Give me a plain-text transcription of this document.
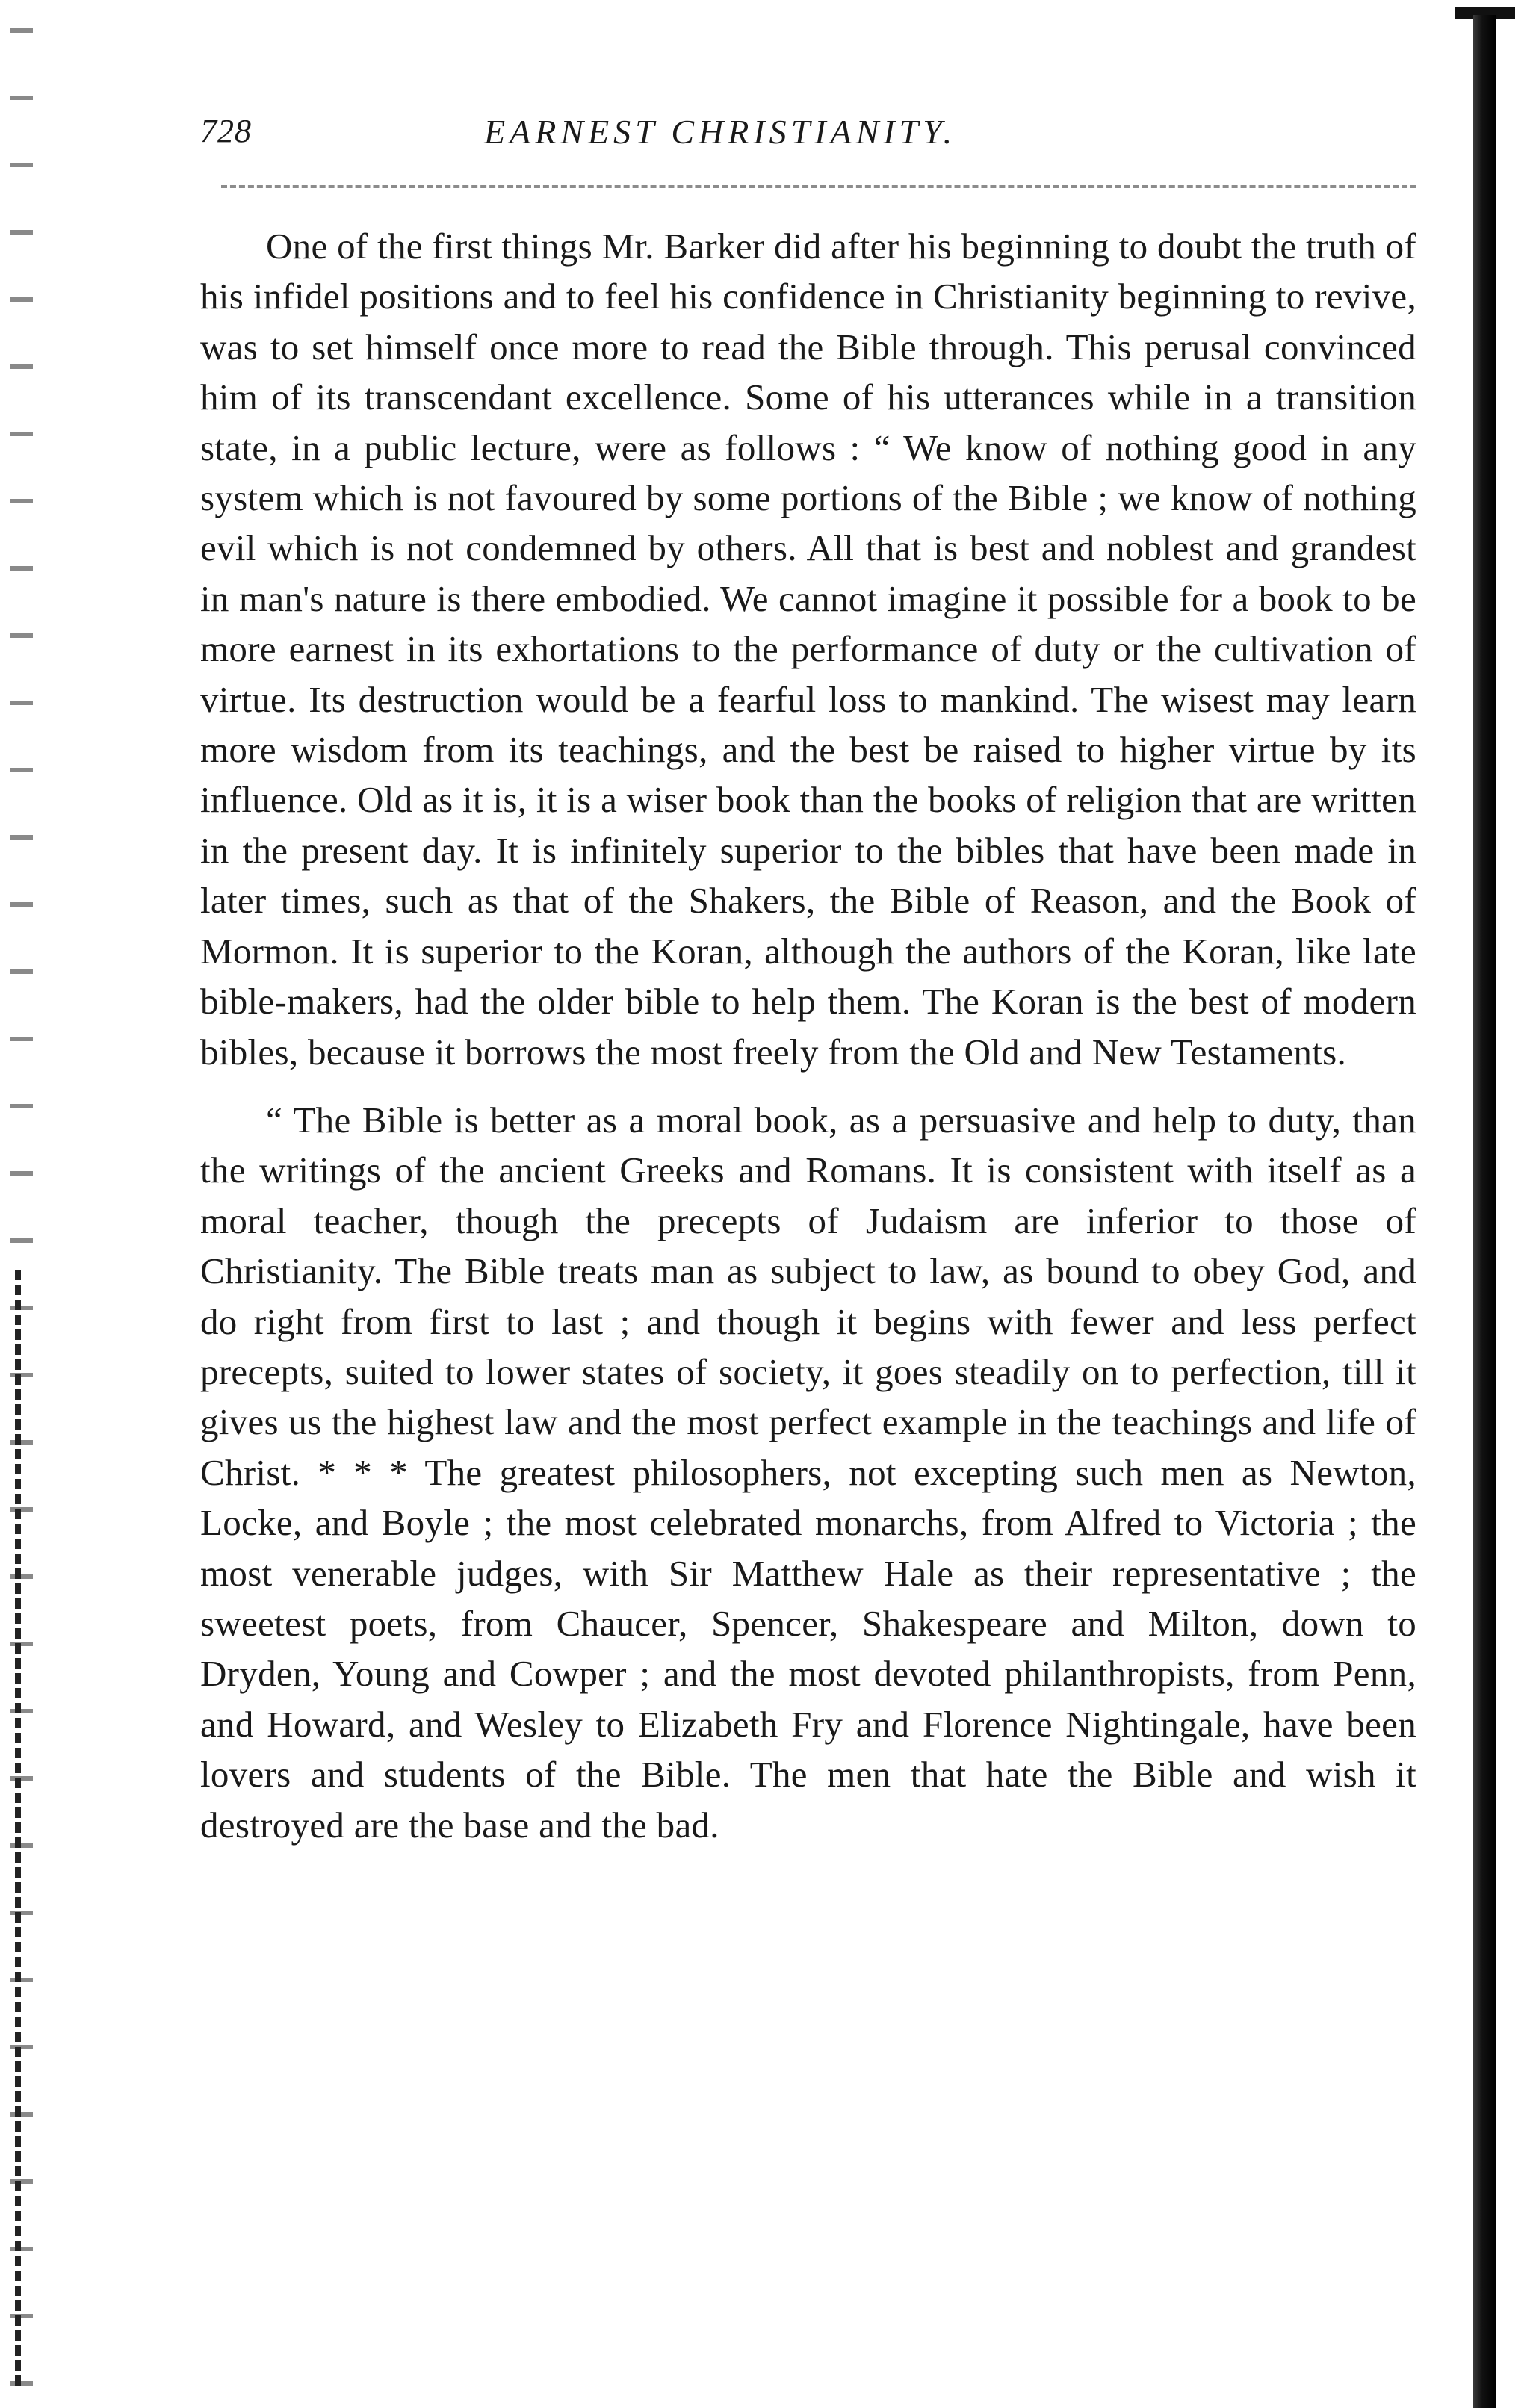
728	EARNEST CHRISTIANITY.

One of the first things Mr. Barker did after his beginning to doubt the truth of his infidel positions and to feel his confidence in Christianity beginning to revive, was to set himself once more to read the Bible through. This perusal convinced him of its transcendant excellence. Some of his utterances while in a transition state, in a public lecture, were as follows : “ We know of nothing good in any system which is not favoured by some portions of the Bible ; we know of nothing evil which is not condemned by others. All that is best and noblest and grandest in man's nature is there embodied. We cannot imagine it possible for a book to be more earnest in its exhortations to the performance of duty or the cultivation of virtue. Its destruction would be a fearful loss to mankind. The wisest may learn more wisdom from its teachings, and the best be raised to higher virtue by its influence. Old as it is, it is a wiser book than the books of religion that are written in the present day. It is infinitely superior to the bibles that have been made in later times, such as that of the Shakers, the Bible of Reason, and the Book of Mormon. It is superior to the Koran, although the authors of the Koran, like late bible-makers, had the older bible to help them. The Koran is the best of modern bibles, because it borrows the most freely from the Old and New Testaments.

“ The Bible is better as a moral book, as a persuasive and help to duty, than the writings of the ancient Greeks and Romans. It is consistent with itself as a moral teacher, though the precepts of Judaism are inferior to those of Christianity. The Bible treats man as subject to law, as bound to obey God, and do right from first to last ; and though it begins with fewer and less perfect precepts, suited to lower states of society, it goes steadily on to perfection, till it gives us the highest law and the most perfect example in the teachings and life of Christ. * * * The greatest philosophers, not excepting such men as Newton, Locke, and Boyle ; the most celebrated monarchs, from Alfred to Victoria ; the most venerable judges, with Sir Matthew Hale as their representative ; the sweetest poets, from Chaucer, Spencer, Shakespeare and Milton, down to Dryden, Young and Cowper ; and the most devoted philanthropists, from Penn, and Howard, and Wesley to Elizabeth Fry and Florence Nightingale, have been lovers and students of the Bible. The men that hate the Bible and wish it destroyed are the base and the bad.
